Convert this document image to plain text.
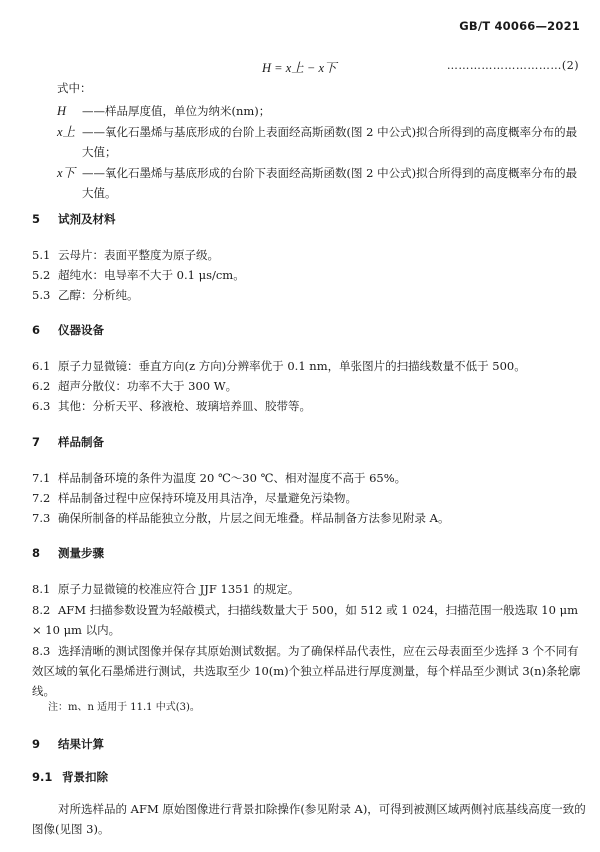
GB/T 40066—2021
H = x上 − x下	…………………………(2)
式中：
H	——样品厚度值，单位为纳米(nm)；
x上 ——氧化石墨烯与基底形成的台阶上表面经高斯函数(图 2 中公式)拟合所得到的高度概率分布的最大值；
x下 ——氧化石墨烯与基底形成的台阶下表面经高斯函数(图 2 中公式)拟合所得到的高度概率分布的最大值。
5 试剂及材料
5.1 云母片：表面平整度为原子级。
5.2 超纯水：电导率不大于 0.1 μs/cm。
5.3 乙醇：分析纯。
6 仪器设备
6.1 原子力显微镜：垂直方向(z 方向)分辨率优于 0.1 nm，单张图片的扫描线数量不低于 500。
6.2 超声分散仪：功率不大于 300 W。
6.3 其他：分析天平、移液枪、玻璃培养皿、胶带等。
7 样品制备
7.1 样品制备环境的条件为温度 20 ℃～30 ℃、相对湿度不高于 65%。
7.2 样品制备过程中应保持环境及用具洁净，尽量避免污染物。
7.3 确保所制备的样品能独立分散，片层之间无堆叠。样品制备方法参见附录 A。
8 测量步骤
8.1 原子力显微镜的校准应符合 JJF 1351 的规定。
8.2 AFM 扫描参数设置为轻敲模式，扫描线数量大于 500，如 512 或 1 024，扫描范围一般选取 10 μm × 10 μm 以内。
8.3 选择清晰的测试图像并保存其原始测试数据。为了确保样品代表性，应在云母表面至少选择 3 个不同有效区域的氧化石墨烯进行测试，共选取至少 10(m)个独立样品进行厚度测量，每个样品至少测试 3(n)条轮廓线。
注：m、n 适用于 11.1 中式(3)。
9 结果计算
9.1 背景扣除
对所选样品的 AFM 原始图像进行背景扣除操作(参见附录 A)，可得到被测区域两侧衬底基线高度一致的图像(见图 3)。
